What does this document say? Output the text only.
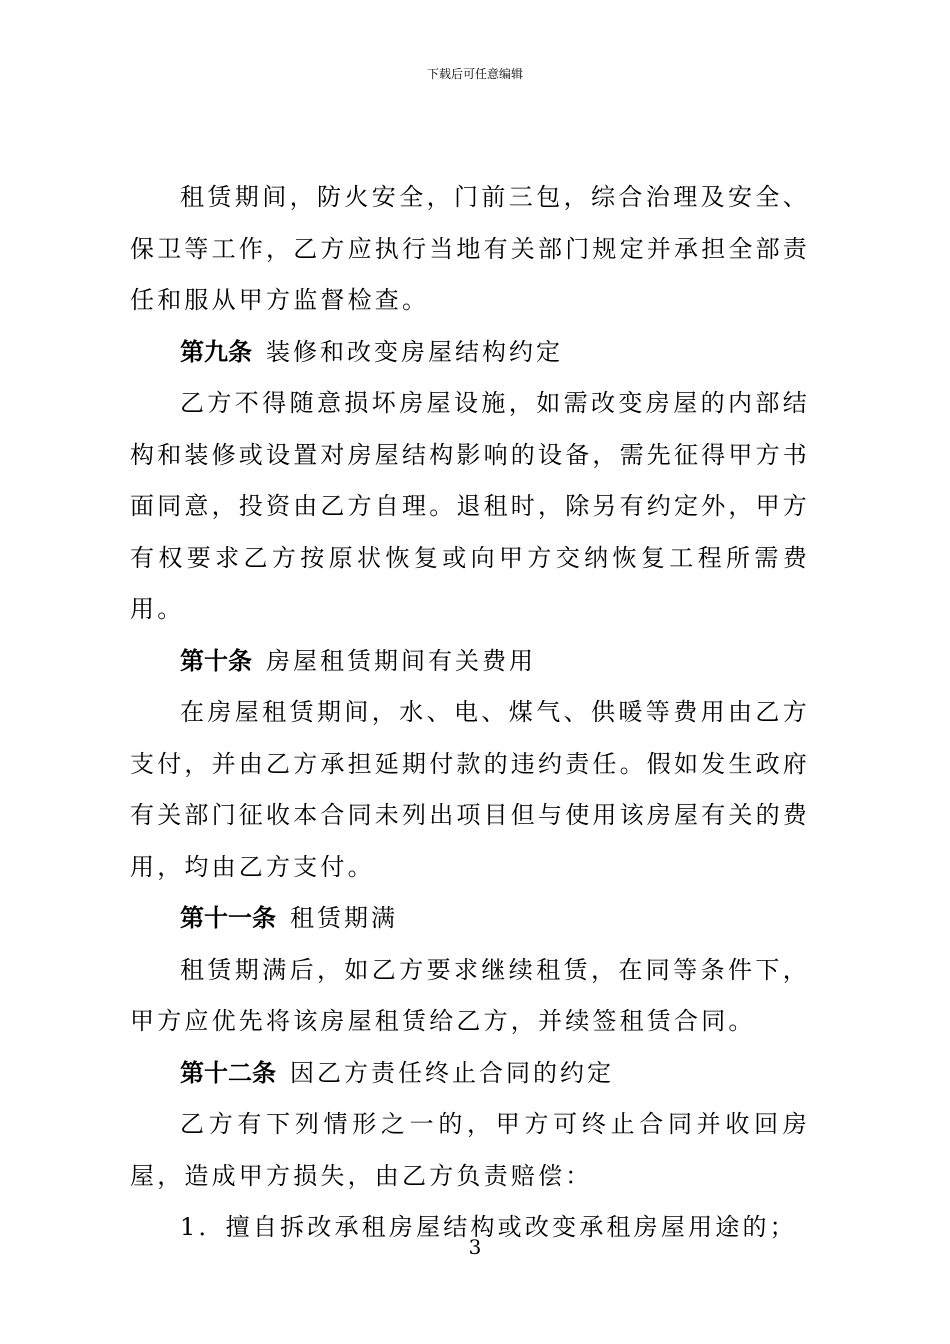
下载后可任意编辑

租赁期间，防火安全，门前三包，综合治理及安全、保卫等工作，乙方应执行当地有关部门规定并承担全部责任和服从甲方监督检查。

第九条 装修和改变房屋结构约定

乙方不得随意损坏房屋设施，如需改变房屋的内部结构和装修或设置对房屋结构影响的设备，需先征得甲方书面同意，投资由乙方自理。退租时，除另有约定外，甲方有权要求乙方按原状恢复或向甲方交纳恢复工程所需费用。

第十条 房屋租赁期间有关费用

在房屋租赁期间，水、电、煤气、供暖等费用由乙方支付，并由乙方承担延期付款的违约责任。假如发生政府有关部门征收本合同未列出项目但与使用该房屋有关的费用，均由乙方支付。

第十一条 租赁期满

租赁期满后，如乙方要求继续租赁，在同等条件下，甲方应优先将该房屋租赁给乙方，并续签租赁合同。

第十二条 因乙方责任终止合同的约定

乙方有下列情形之一的，甲方可终止合同并收回房屋，造成甲方损失，由乙方负责赔偿：

1．擅自拆改承租房屋结构或改变承租房屋用途的；

3
